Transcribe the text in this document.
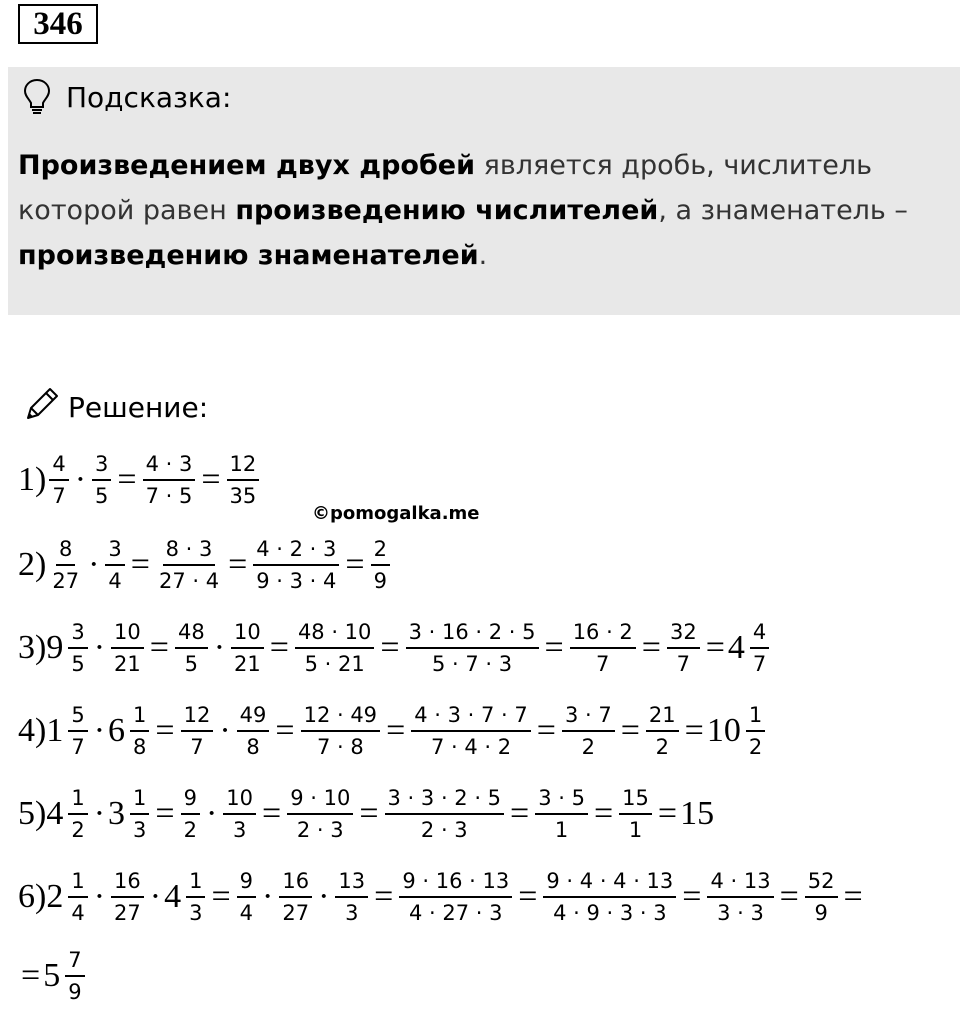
346
Подсказка:
Произведением двух дробей является дробь, числитель которой равен произведению числителей, а знаменатель –
произведению знаменателей.
Решение:
©pomogalka.me
$1) \frac{4}{7} \cdot \frac{3}{5} = \frac{4 \cdot 3}{7 \cdot 5} = \frac{12}{35}$
$2) \frac{8}{27} \cdot \frac{3}{4} = \frac{8 \cdot 3}{27 \cdot 4} = \frac{4 \cdot 2 \cdot 3}{9 \cdot 3 \cdot 4} = \frac{2}{9}$
3) $9 \frac{3}{5} \cdot \frac{10}{21} = \frac{48}{5} \cdot \frac{10}{21} = \frac{48 \cdot 10}{5 \cdot 21} = \frac{3 \cdot 16 \cdot 2 \cdot 5}{5 \cdot 7 \cdot 3} = \frac{16 \cdot 2}{7} = \frac{32}{7} = 4 \frac{4}{7}$
4) $1 \frac{5}{7} \cdot 6 \frac{1}{8} = \frac{12}{7} \cdot \frac{49}{8} = \frac{12 \cdot 49}{7 \cdot 8} = \frac{4 \cdot 3 \cdot 7 \cdot 7}{7 \cdot 4 \cdot 2} = \frac{3 \cdot 7}{2} = \frac{21}{2} = 10 \frac{1}{2}$
5) $4 \frac{1}{2} \cdot 3 \frac{1}{3} = \frac{9}{2} \cdot \frac{10}{3} = \frac{9 \cdot 10}{2 \cdot 3} = \frac{3 \cdot 3 \cdot 2 \cdot 5}{2 \cdot 3} = \frac{3 \cdot 5}{1} = \frac{15}{1} = 15$
6) $2 \frac{1}{4} \cdot \frac{16}{27} \cdot 4 \frac{1}{3} = \frac{9}{4} \cdot \frac{16}{27} \cdot \frac{13}{3} = \frac{9 \cdot 16 \cdot 13}{4 \cdot 27 \cdot 3} = \frac{9 \cdot 4 \cdot 4 \cdot 13}{4 \cdot 9 \cdot 3 \cdot 3} = \frac{4 \cdot 13}{3 \cdot 3} = \frac{52}{9}$ =
= $5 \frac{7}{9}$
